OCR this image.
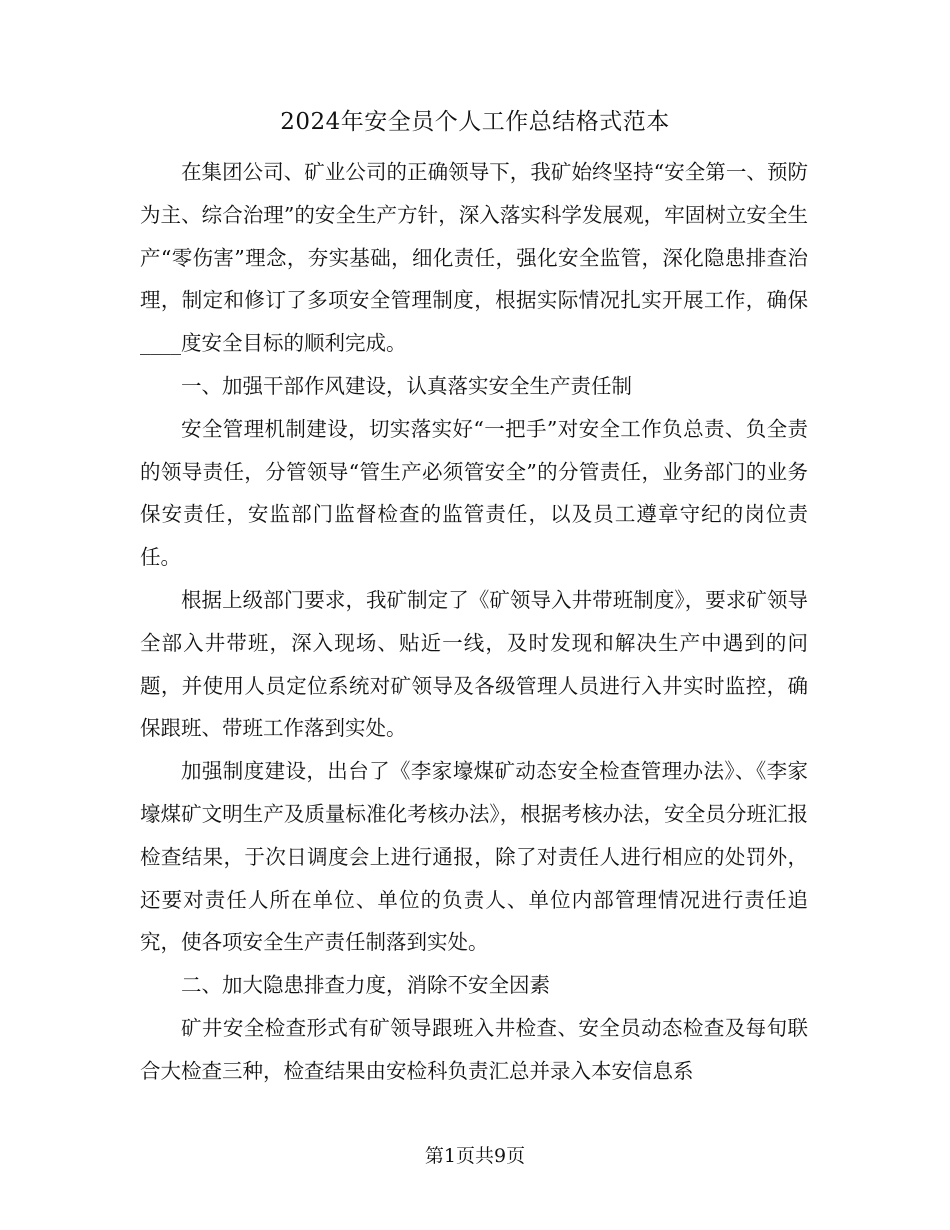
2024年安全员个人工作总结格式范本

在集团公司、矿业公司的正确领导下，我矿始终坚持“安全第一、预防为主、综合治理”的安全生产方针，深入落实科学发展观，牢固树立安全生产“零伤害”理念，夯实基础，细化责任，强化安全监管，深化隐患排查治理，制定和修订了多项安全管理制度，根据实际情况扎实开展工作，确保____度安全目标的顺利完成。

一、加强干部作风建设，认真落实安全生产责任制

安全管理机制建设，切实落实好“一把手”对安全工作负总责、负全责的领导责任，分管领导“管生产必须管安全”的分管责任，业务部门的业务保安责任，安监部门监督检查的监管责任，以及员工遵章守纪的岗位责任。

根据上级部门要求，我矿制定了《矿领导入井带班制度》，要求矿领导全部入井带班，深入现场、贴近一线，及时发现和解决生产中遇到的问题，并使用人员定位系统对矿领导及各级管理人员进行入井实时监控，确保跟班、带班工作落到实处。

加强制度建设，出台了《李家壕煤矿动态安全检查管理办法》、《李家壕煤矿文明生产及质量标准化考核办法》，根据考核办法，安全员分班汇报检查结果，于次日调度会上进行通报，除了对责任人进行相应的处罚外，还要对责任人所在单位、单位的负责人、单位内部管理情况进行责任追究，使各项安全生产责任制落到实处。

二、加大隐患排查力度，消除不安全因素

矿井安全检查形式有矿领导跟班入井检查、安全员动态检查及每旬联合大检查三种，检查结果由安检科负责汇总并录入本安信息系

第1页共9页
